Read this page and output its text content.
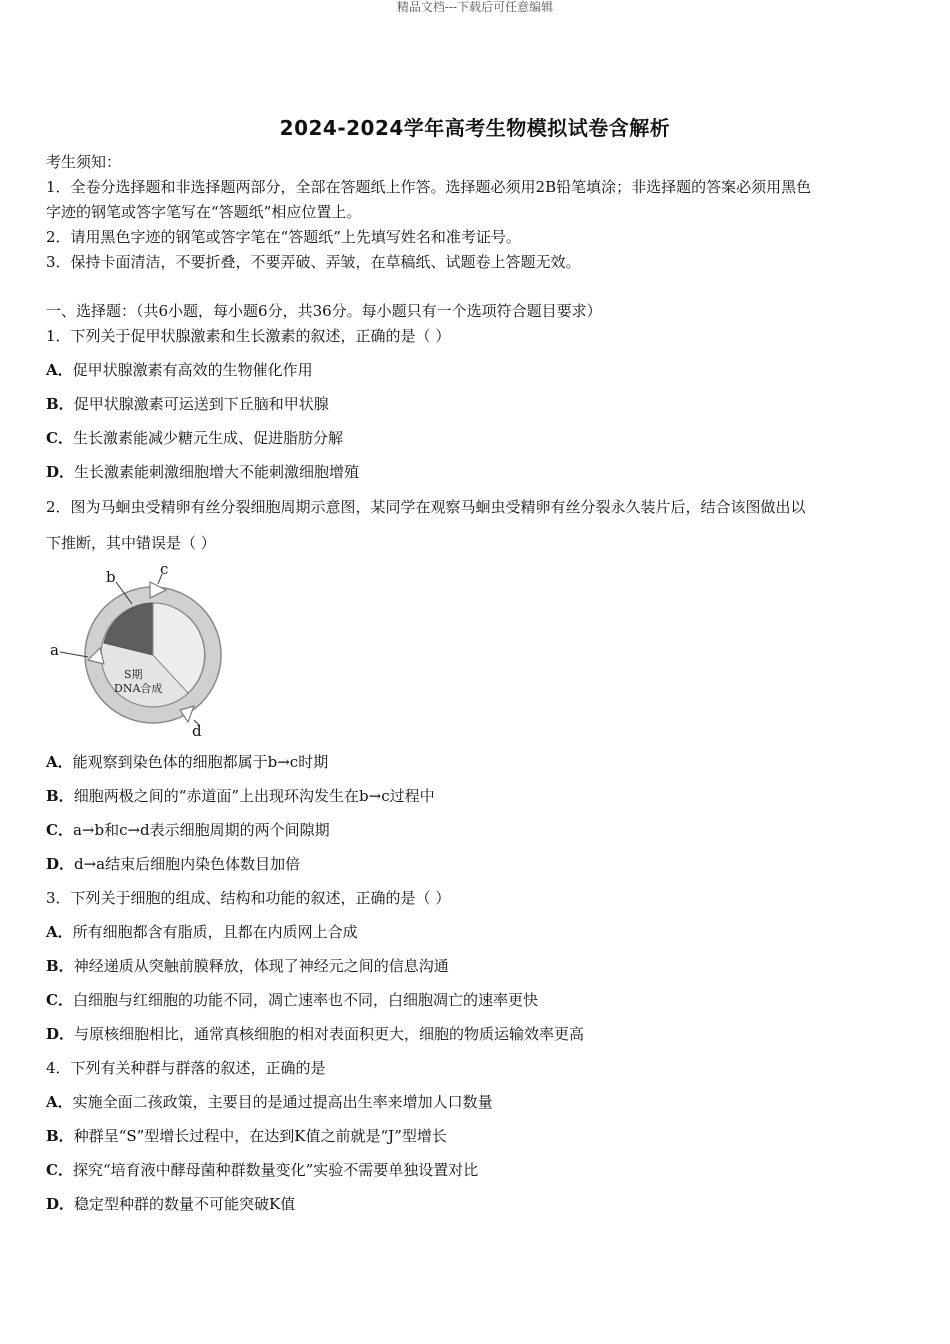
精品文档---下载后可任意编辑
2024-2024学年高考生物模拟试卷含解析
考生须知：
1．全卷分选择题和非选择题两部分，全部在答题纸上作答。选择题必须用2B铅笔填涂；非选择题的答案必须用黑色
字迹的钢笔或答字笔写在“答题纸”相应位置上。
2．请用黑色字迹的钢笔或答字笔在“答题纸”上先填写姓名和准考证号。
3．保持卡面清洁，不要折叠，不要弄破、弄皱，在草稿纸、试题卷上答题无效。
一、选择题：（共6小题，每小题6分，共36分。每小题只有一个选项符合题目要求）
1．下列关于促甲状腺激素和生长激素的叙述，正确的是（ ）
A．促甲状腺激素有高效的生物催化作用
B．促甲状腺激素可运送到下丘脑和甲状腺
C．生长激素能减少糖元生成、促进脂肪分解
D．生长激素能刺激细胞增大不能刺激细胞增殖
2．图为马蛔虫受精卵有丝分裂细胞周期示意图，某同学在观察马蛔虫受精卵有丝分裂永久装片后，结合该图做出以
下推断，其中错误是（ ）
b	c
a
d
S期
DNA合成
A．能观察到染色体的细胞都属于b→c时期
B．细胞两极之间的“赤道面”上出现环沟发生在b→c过程中
C．a→b和c→d表示细胞周期的两个间隙期
D．d→a结束后细胞内染色体数目加倍
3．下列关于细胞的组成、结构和功能的叙述，正确的是（ ）
A．所有细胞都含有脂质，且都在内质网上合成
B．神经递质从突触前膜释放，体现了神经元之间的信息沟通
C．白细胞与红细胞的功能不同，凋亡速率也不同，白细胞凋亡的速率更快
D．与原核细胞相比，通常真核细胞的相对表面积更大，细胞的物质运输效率更高
4．下列有关种群与群落的叙述，正确的是
A．实施全面二孩政策，主要目的是通过提高出生率来增加人口数量
B．种群呈“S”型增长过程中，在达到K值之前就是“J”型增长
C．探究“培育液中酵母菌种群数量变化”实验不需要单独设置对比
D．稳定型种群的数量不可能突破K值
